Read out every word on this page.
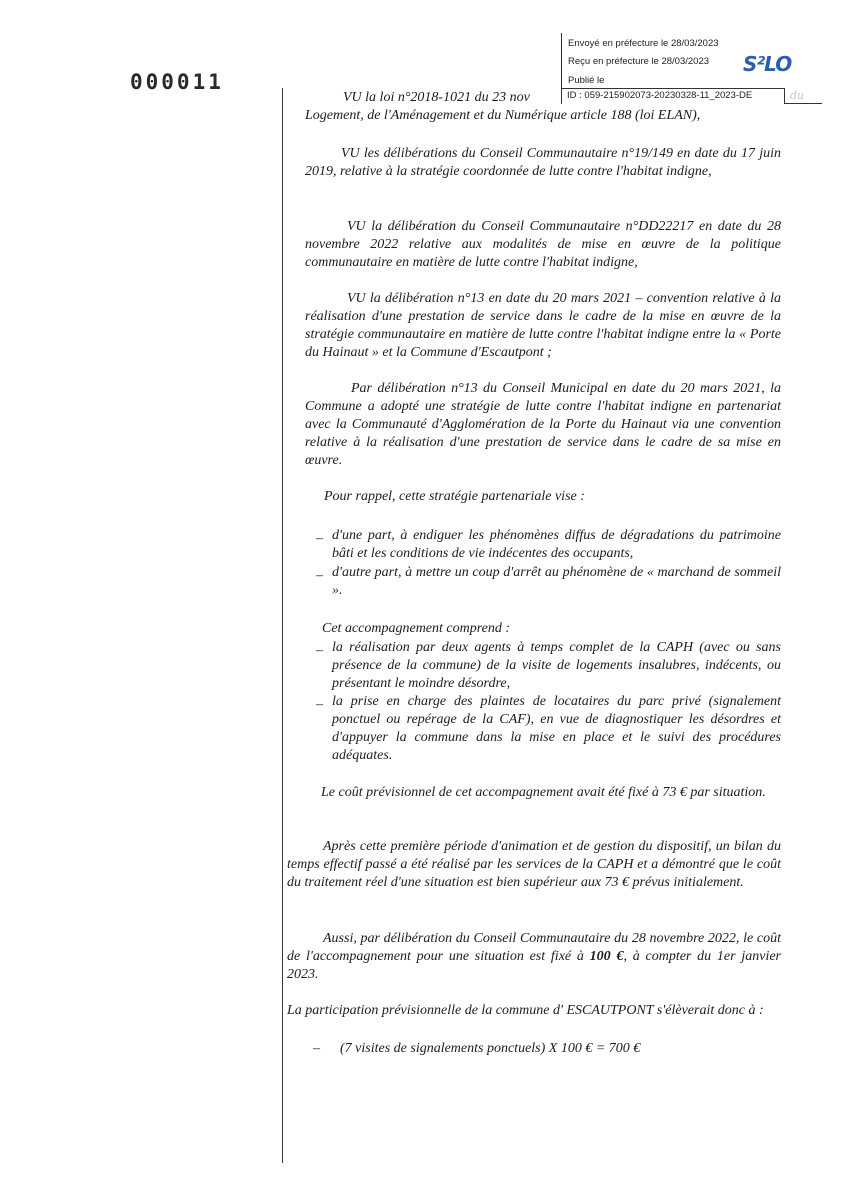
000011
Envoyé en préfecture le 28/03/2023
Reçu en préfecture le 28/03/2023
Publié le
S²LO
ID : 059-215902073-20230328-11_2023-DE	du

VU la loi n°2018-1021 du 23 nov

Logement, de l'Aménagement et du Numérique article 188 (loi ELAN),

VU les délibérations du Conseil Communautaire n°19/149 en date du 17 juin 2019, relative à la stratégie coordonnée de lutte contre l'habitat indigne,

VU la délibération du Conseil Communautaire n°DD22217 en date du 28 novembre 2022 relative aux modalités de mise en œuvre de la politique communautaire en matière de lutte contre l'habitat indigne,

VU la délibération n°13 en date du 20 mars 2021 – convention relative à la réalisation d'une prestation de service dans le cadre de la mise en œuvre de la stratégie communautaire en matière de lutte contre l'habitat indigne entre la « Porte du Hainaut » et la Commune d'Escautpont ;

Par délibération n°13 du Conseil Municipal en date du 20 mars 2021, la Commune a adopté une stratégie de lutte contre l'habitat indigne en partenariat avec la Communauté d'Agglomération de la Porte du Hainaut via une convention relative à la réalisation d'une prestation de service dans le cadre de sa mise en œuvre.

Pour rappel, cette stratégie partenariale vise :

– d'une part, à endiguer les phénomènes diffus de dégradations du patrimoine bâti et les conditions de vie indécentes des occupants,

– d'autre part, à mettre un coup d'arrêt au phénomène de « marchand de sommeil ».

Cet accompagnement comprend :

– la réalisation par deux agents à temps complet de la CAPH (avec ou sans présence de la commune) de la visite de logements insalubres, indécents, ou présentant le moindre désordre,

– la prise en charge des plaintes de locataires du parc privé (signalement ponctuel ou repérage de la CAF), en vue de diagnostiquer les désordres et d'appuyer la commune dans la mise en place et le suivi des procédures adéquates.

Le coût prévisionnel de cet accompagnement avait été fixé à 73 € par situation.

Après cette première période d'animation et de gestion du dispositif, un bilan du temps effectif passé a été réalisé par les services de la CAPH et a démontré que le coût du traitement réel d'une situation est bien supérieur aux 73 € prévus initialement.

Aussi, par délibération du Conseil Communautaire du 28 novembre 2022, le coût de l'accompagnement pour une situation est fixé à 100 €, à compter du 1er janvier 2023.

La participation prévisionnelle de la commune d' ESCAUTPONT s'élèverait donc à :

– (7 visites de signalements ponctuels) X 100 € = 700 €
